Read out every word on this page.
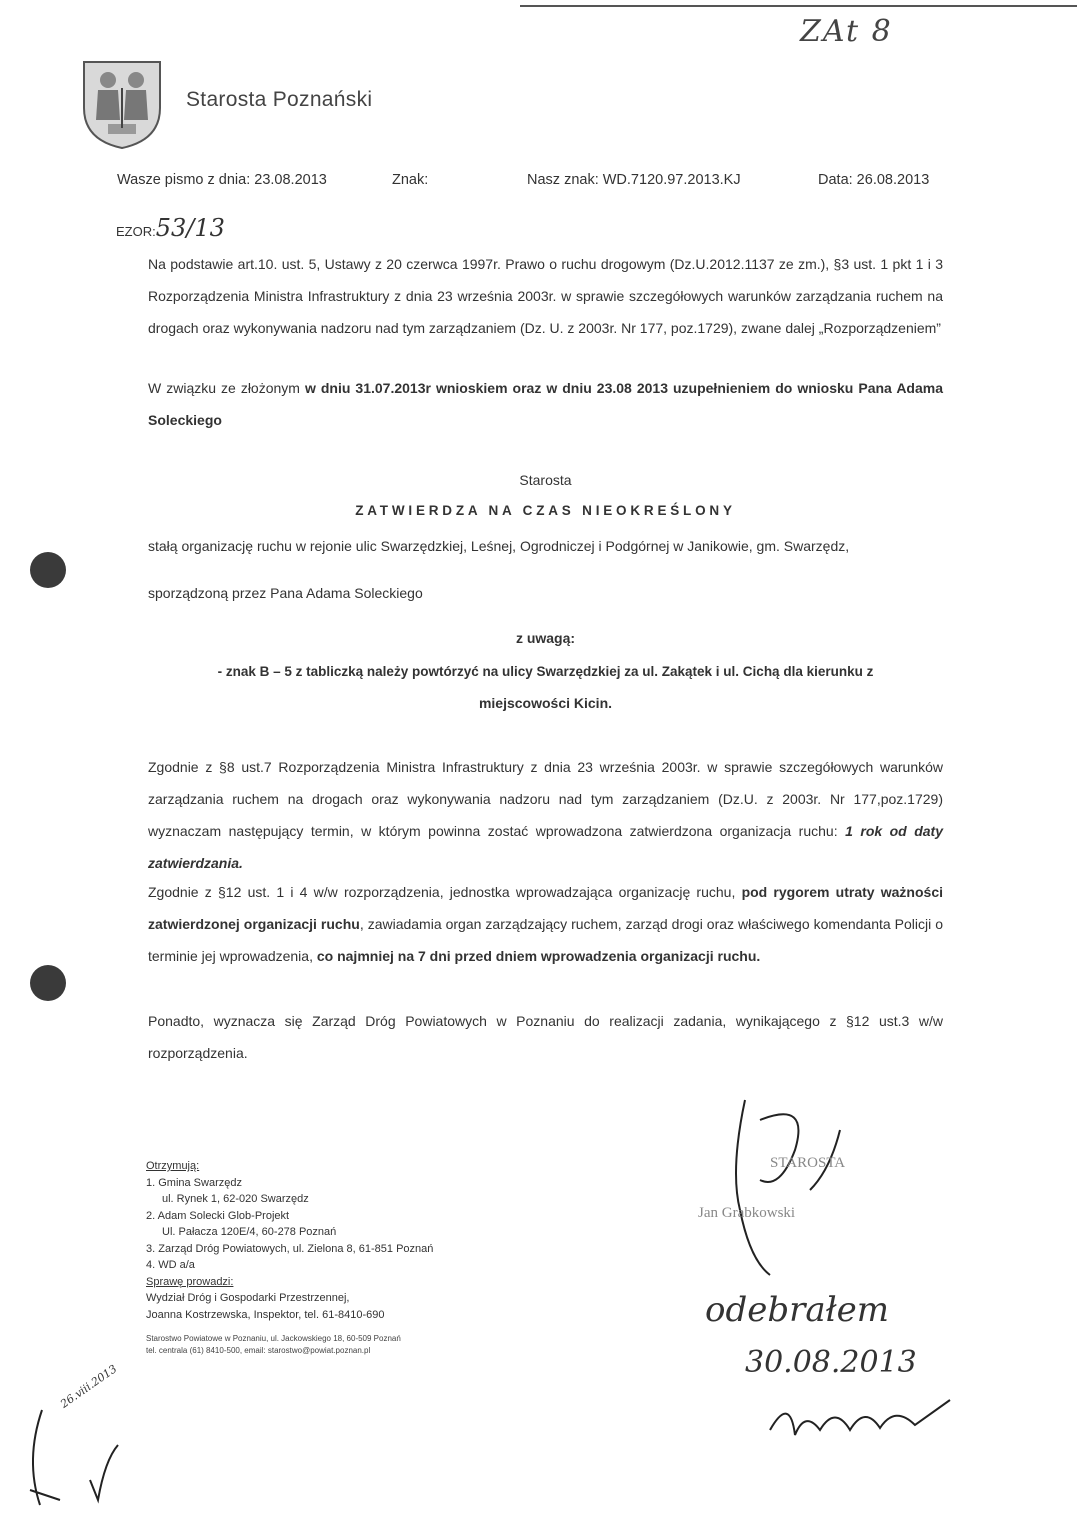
ZAt 8
Starosta Poznański
Wasze pismo z dnia: 23.08.2013	Znak:	Nasz znak: WD.7120.97.2013.KJ	Data: 26.08.2013
EZOR:53/13
Na podstawie art.10. ust. 5, Ustawy z 20 czerwca 1997r. Prawo o ruchu drogowym (Dz.U.2012.1137 ze zm.), §3 ust. 1 pkt 1 i 3 Rozporządzenia Ministra Infrastruktury z dnia 23 września 2003r. w sprawie szczegółowych warunków zarządzania ruchem na drogach oraz wykonywania nadzoru nad tym zarządzaniem (Dz. U. z 2003r. Nr 177, poz.1729), zwane dalej „Rozporządzeniem”
W związku ze złożonym w dniu 31.07.2013r wnioskiem oraz w dniu 23.08 2013 uzupełnieniem do wniosku Pana Adama Soleckiego
Starosta
ZATWIERDZA NA CZAS NIEOKREŚLONY
stałą organizację ruchu w rejonie ulic Swarzędzkiej, Leśnej, Ogrodniczej i Podgórnej w Janikowie, gm. Swarzędz,
sporządzoną przez Pana Adama Soleckiego
z uwagą:
- znak B – 5 z tabliczką należy powtórzyć na ulicy Swarzędzkiej za ul. Zakątek i ul. Cichą dla kierunku z
miejscowości Kicin.
Zgodnie z §8 ust.7 Rozporządzenia Ministra Infrastruktury z dnia 23 września 2003r. w sprawie szczegółowych warunków zarządzania ruchem na drogach oraz wykonywania nadzoru nad tym zarządzaniem (Dz.U. z 2003r. Nr 177,poz.1729) wyznaczam następujący termin, w którym powinna zostać wprowadzona zatwierdzona organizacja ruchu: 1 rok od daty zatwierdzania.
Zgodnie z §12 ust. 1 i 4 w/w rozporządzenia, jednostka wprowadzająca organizację ruchu, pod rygorem utraty ważności zatwierdzonej organizacji ruchu, zawiadamia organ zarządzający ruchem, zarząd drogi oraz właściwego komendanta Policji o terminie jej wprowadzenia, co najmniej na 7 dni przed dniem wprowadzenia organizacji ruchu.
Ponadto, wyznacza się Zarząd Dróg Powiatowych w Poznaniu do realizacji zadania, wynikającego z §12 ust.3 w/w rozporządzenia.
STAROSTA
Jan Grabkowski
odebrałem
30.08.2013
Otrzymują:
1. Gmina Swarzędz
ul. Rynek 1, 62-020 Swarzędz
2. Adam Solecki Glob-Projekt
Ul. Pałacza 120E/4, 60-278 Poznań
3. Zarząd Dróg Powiatowych, ul. Zielona 8, 61-851 Poznań
4. WD a/a
Sprawę prowadzi:
Wydział Dróg i Gospodarki Przestrzennej,
Joanna Kostrzewska, Inspektor, tel. 61-8410-690
Starostwo Powiatowe w Poznaniu, ul. Jackowskiego 18, 60-509 Poznań
tel. centrala (61) 8410-500, email: starostwo@powiat.poznan.pl
26.viii.2013
